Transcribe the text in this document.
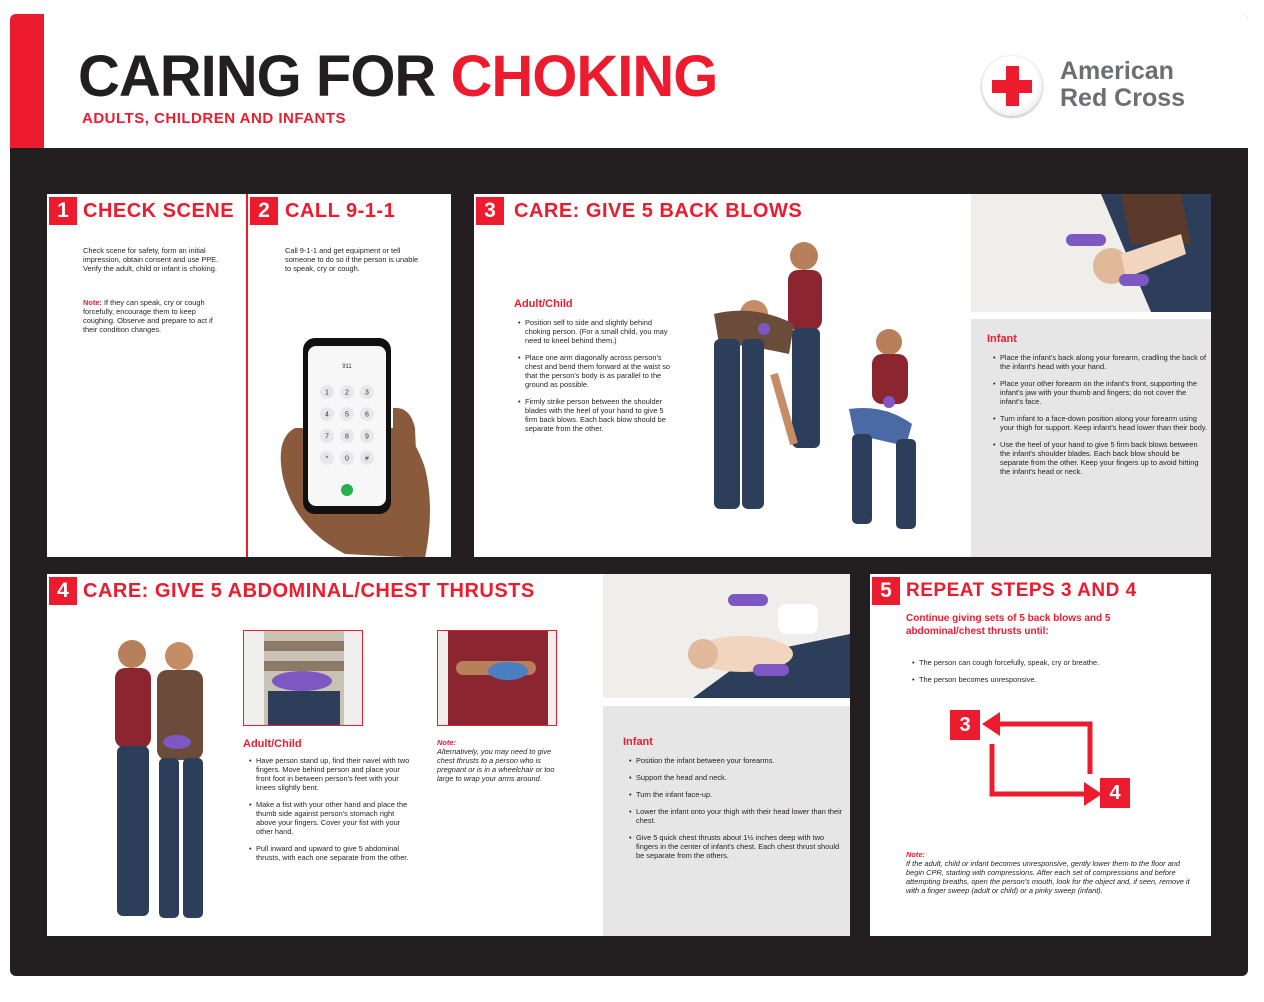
CARING FOR CHOKING
ADULTS, CHILDREN AND INFANTS
American
Red Cross
1 CHECK SCENE
Check scene for safety, form an initial impression, obtain consent and use PPE. Verify the adult, child or infant is choking.
Note: If they can speak, cry or cough forcefully, encourage them to keep coughing. Observe and prepare to act if their condition changes.
2 CALL 9-1-1
Call 9-1-1 and get equipment or tell someone to do so if the person is unable to speak, cry or cough.
911
1 2 3
4 5 6
7 8 9
* 0 #
3 CARE: GIVE 5 BACK BLOWS
Adult/Child
• Position self to side and slightly behind choking person. (For a small child, you may need to kneel behind them.)
• Place one arm diagonally across person's chest and bend them forward at the waist so that the person's body is as parallel to the ground as possible.
• Firmly strike person between the shoulder blades with the heel of your hand to give 5 firm back blows. Each back blow should be separate from the other.
Infant
• Place the infant's back along your forearm, cradling the back of the infant's head with your hand.
• Place your other forearm on the infant's front, supporting the infant's jaw with your thumb and fingers; do not cover the infant's face.
• Turn infant to a face-down position along your forearm using your thigh for support. Keep infant's head lower than their body.
• Use the heel of your hand to give 5 firm back blows between the infant's shoulder blades. Each back blow should be separate from the other. Keep your fingers up to avoid hitting the infant's head or neck.
4 CARE: GIVE 5 ABDOMINAL/CHEST THRUSTS
Adult/Child
• Have person stand up, find their navel with two fingers. Move behind person and place your front foot in between person's feet with your knees slightly bent.
• Make a fist with your other hand and place the thumb side against person's stomach right above your fingers. Cover your fist with your other hand.
• Pull inward and upward to give 5 abdominal thrusts, with each one separate from the other.
Note:
Alternatively, you may need to give chest thrusts to a person who is pregnant or is in a wheelchair or too large to wrap your arms around.
Infant
• Position the infant between your forearms.
• Support the head and neck.
• Turn the infant face-up.
• Lower the infant onto your thigh with their head lower than their chest.
• Give 5 quick chest thrusts about 1½ inches deep with two fingers in the center of infant's chest. Each chest thrust should be separate from the others.
5 REPEAT STEPS 3 AND 4
Continue giving sets of 5 back blows and 5 abdominal/chest thrusts until:
• The person can cough forcefully, speak, cry or breathe.
• The person becomes unresponsive.
3
4
Note:
If the adult, child or infant becomes unresponsive, gently lower them to the floor and begin CPR, starting with compressions. After each set of compressions and before attempting breaths, open the person's mouth, look for the object and, if seen, remove it with a finger sweep (adult or child) or a pinky sweep (infant).
